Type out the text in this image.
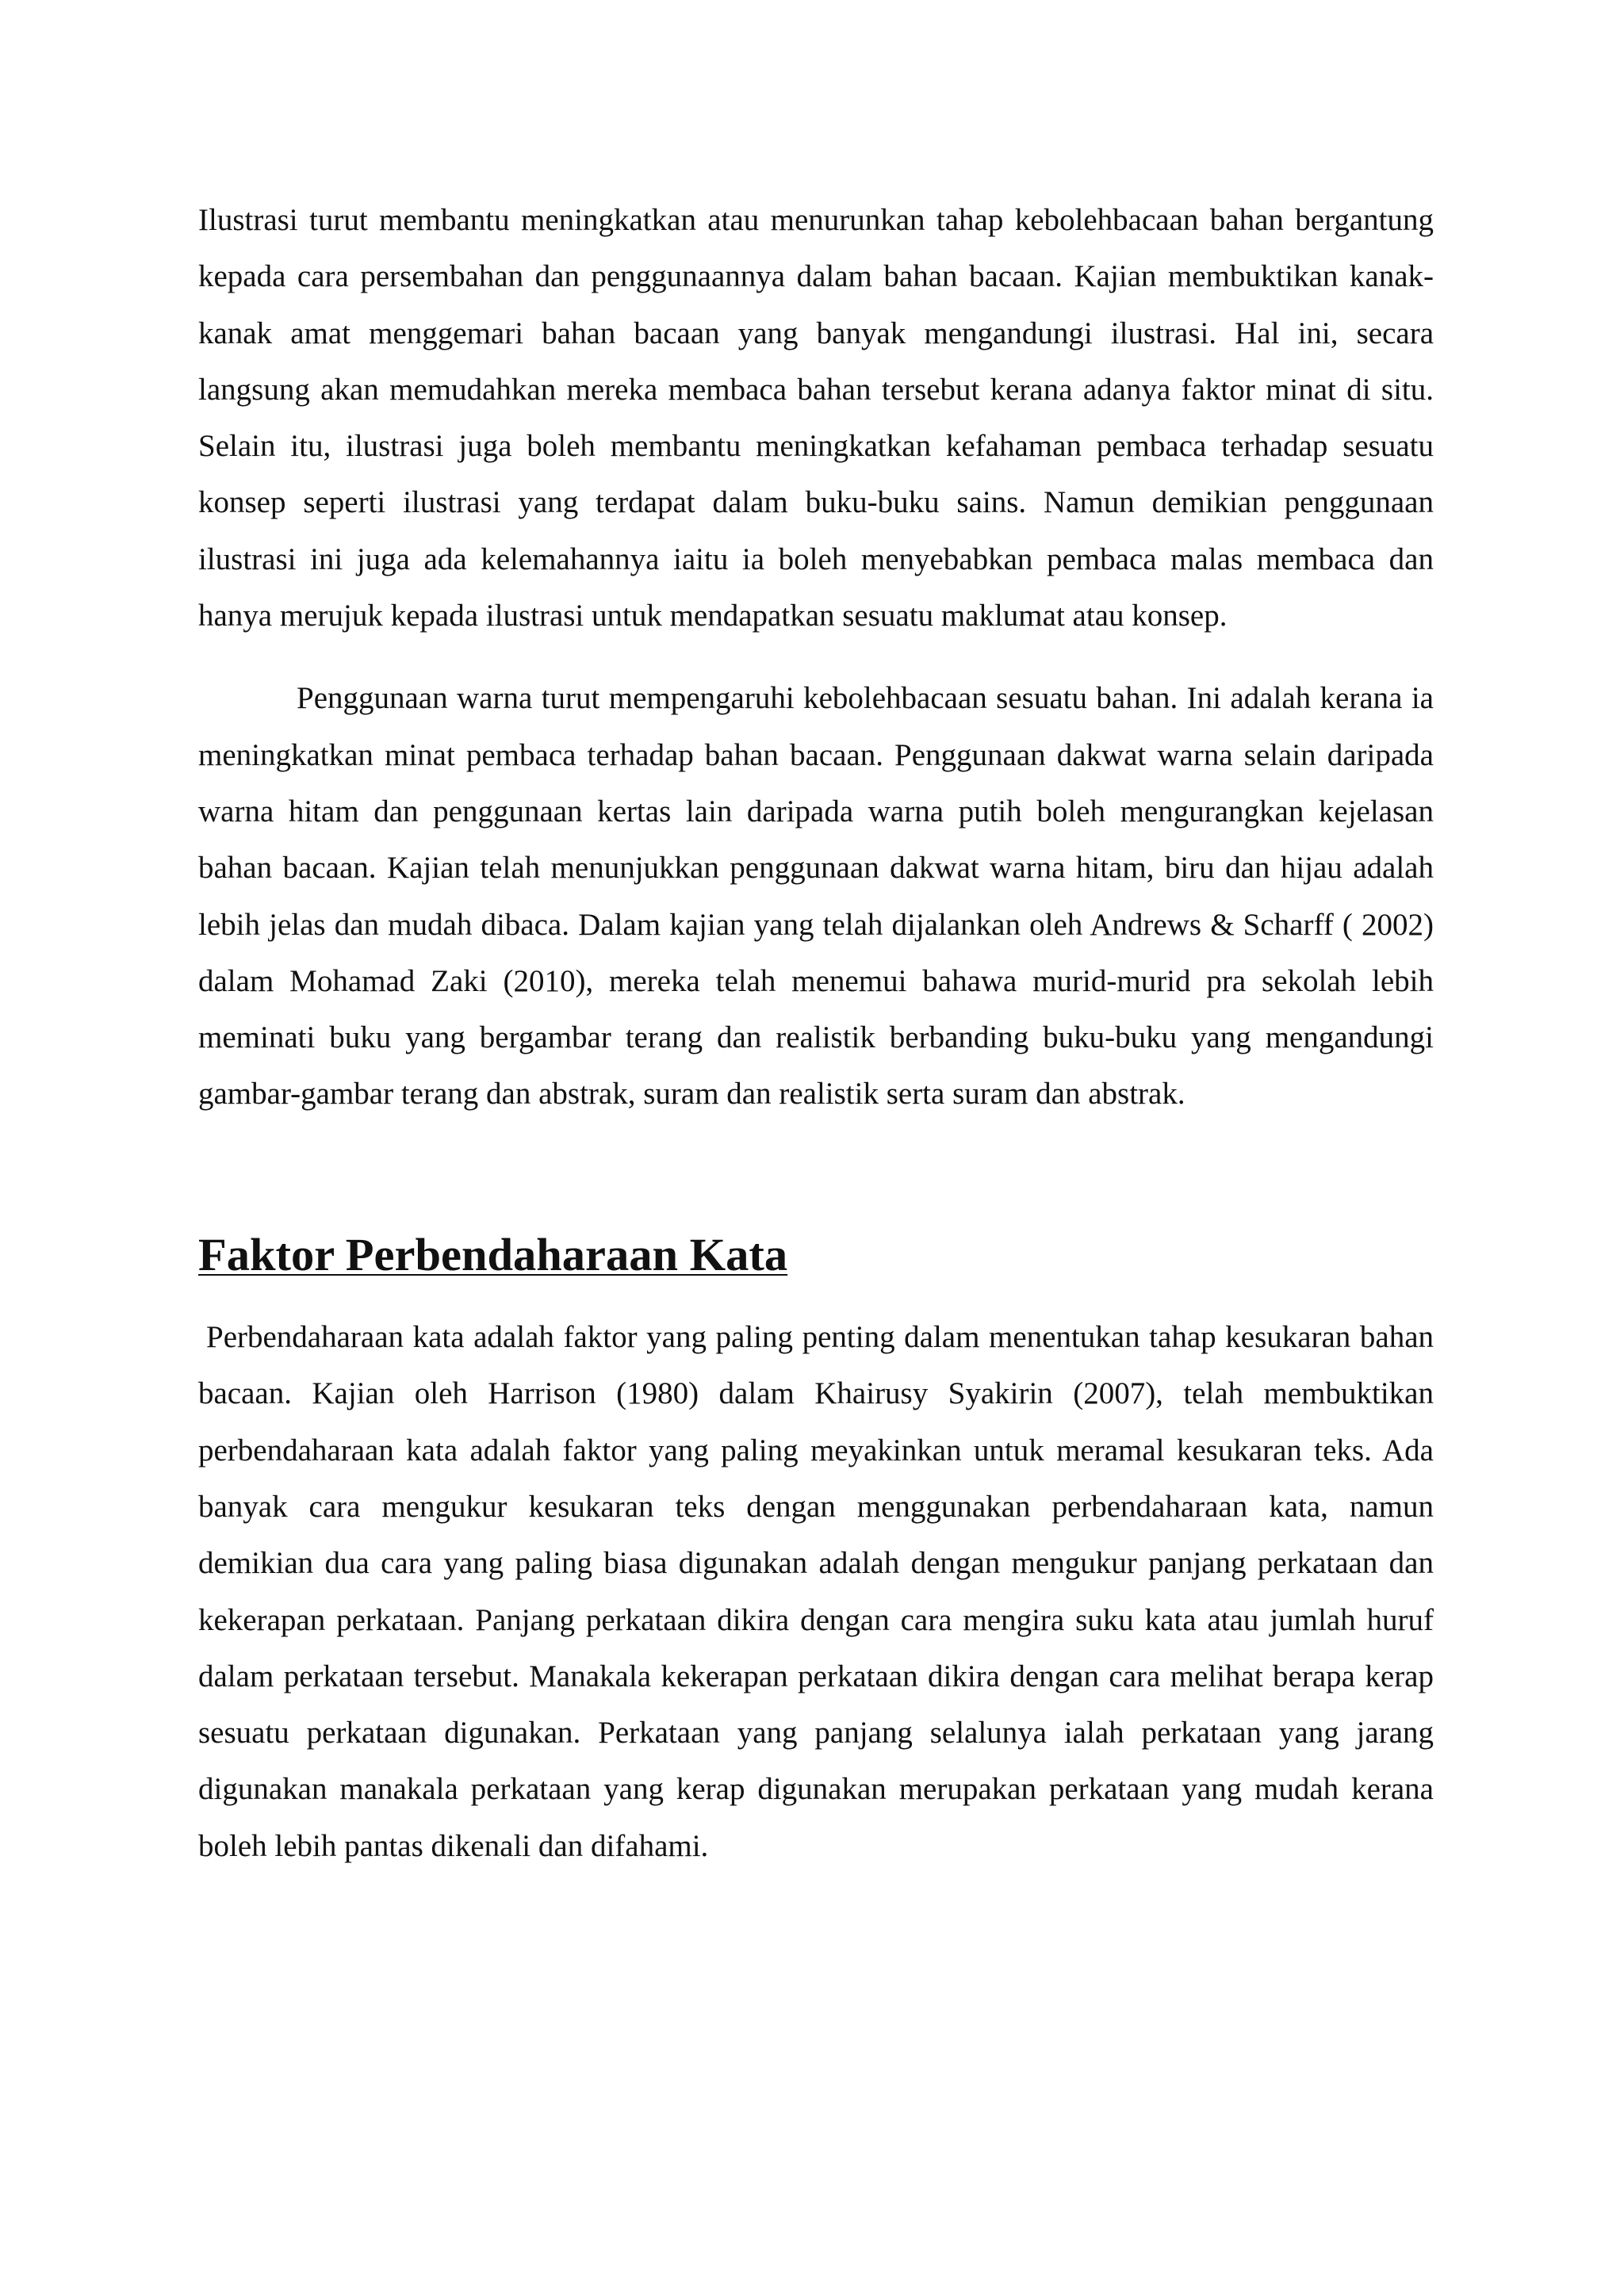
Ilustrasi turut membantu meningkatkan atau menurunkan tahap kebolehbacaan bahan bergantung kepada cara persembahan dan penggunaannya dalam bahan bacaan. Kajian membuktikan kanak-kanak amat menggemari bahan bacaan yang banyak mengandungi ilustrasi. Hal ini, secara langsung akan memudahkan mereka membaca bahan tersebut kerana adanya faktor minat di situ. Selain itu, ilustrasi juga boleh membantu meningkatkan kefahaman pembaca terhadap sesuatu konsep seperti ilustrasi yang terdapat dalam buku-buku sains. Namun demikian penggunaan ilustrasi ini juga ada kelemahannya iaitu ia boleh menyebabkan pembaca malas membaca dan hanya merujuk kepada ilustrasi untuk mendapatkan sesuatu maklumat atau konsep.

Penggunaan warna turut mempengaruhi kebolehbacaan sesuatu bahan. Ini adalah kerana ia meningkatkan minat pembaca terhadap bahan bacaan. Penggunaan dakwat warna selain daripada warna hitam dan penggunaan kertas lain daripada warna putih boleh mengurangkan kejelasan bahan bacaan. Kajian telah menunjukkan penggunaan dakwat warna hitam, biru dan hijau adalah lebih jelas dan mudah dibaca. Dalam kajian yang telah dijalankan oleh Andrews & Scharff ( 2002) dalam Mohamad Zaki (2010), mereka telah menemui bahawa murid-murid pra sekolah lebih meminati buku yang bergambar terang dan realistik berbanding buku-buku yang mengandungi gambar-gambar terang dan abstrak, suram dan realistik serta suram dan abstrak.

Faktor Perbendaharaan Kata

Perbendaharaan kata adalah faktor yang paling penting dalam menentukan tahap kesukaran bahan bacaan. Kajian oleh Harrison (1980) dalam Khairusy Syakirin (2007), telah membuktikan perbendaharaan kata adalah faktor yang paling meyakinkan untuk meramal kesukaran teks. Ada banyak cara mengukur kesukaran teks dengan menggunakan perbendaharaan kata, namun demikian dua cara yang paling biasa digunakan adalah dengan mengukur panjang perkataan dan kekerapan perkataan. Panjang perkataan dikira dengan cara mengira suku kata atau jumlah huruf dalam perkataan tersebut. Manakala kekerapan perkataan dikira dengan cara melihat berapa kerap sesuatu perkataan digunakan. Perkataan yang panjang selalunya ialah perkataan yang jarang digunakan manakala perkataan yang kerap digunakan merupakan perkataan yang mudah kerana boleh lebih pantas dikenali dan difahami.
